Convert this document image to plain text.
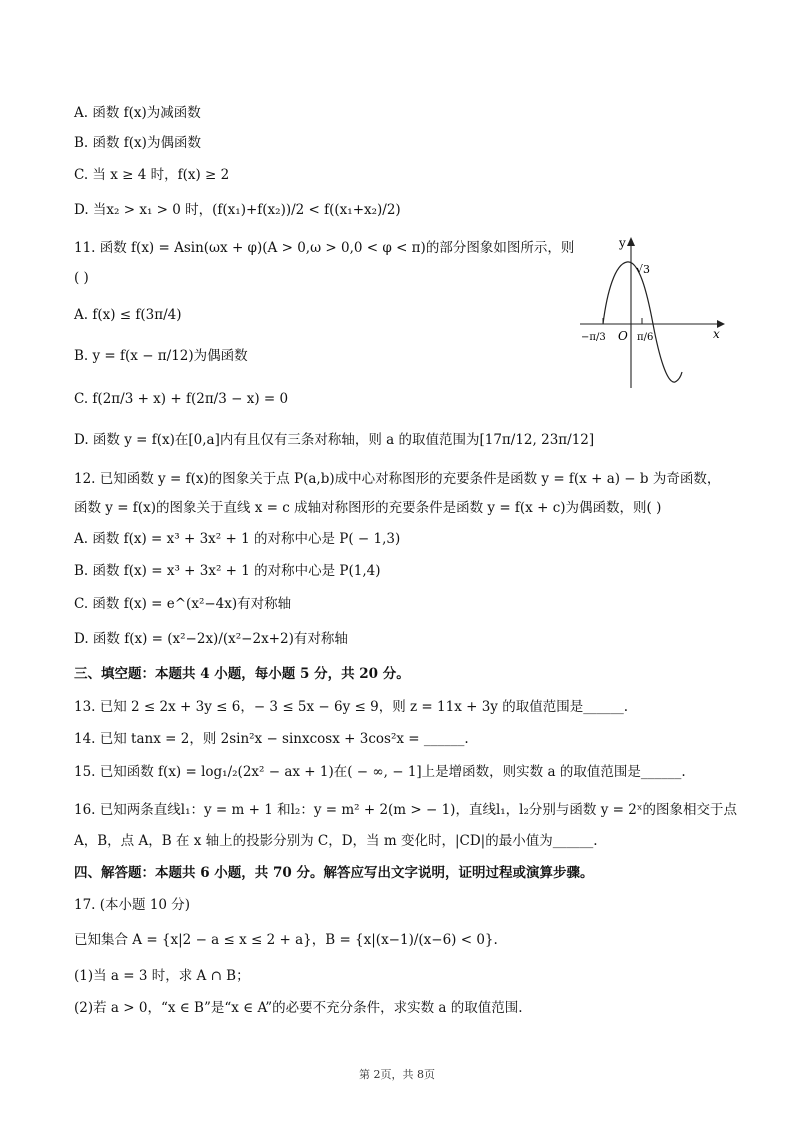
A. 函数 f(x)为减函数
B. 函数 f(x)为偶函数
C. 当 x ≥ 4 时，f(x) ≥ 2
D. 当x₂ > x₁ > 0 时，(f(x₁)+f(x₂))/2 < f((x₁+x₂)/2)
11. 函数 f(x) = Asin(ωx + φ)(A > 0,ω > 0,0 < φ < π)的部分图象如图所示，则
( )
A. f(x) ≤ f(3π/4)
B. y = f(x − π/12)为偶函数
C. f(2π/3 + x) + f(2π/3 − x) = 0
D. 函数 y = f(x)在[0,a]内有且仅有三条对称轴，则 a 的取值范围为[17π/12, 23π/12]
y
x
O
√3
−π/3	π/6
12. 已知函数 y = f(x)的图象关于点 P(a,b)成中心对称图形的充要条件是函数 y = f(x + a) − b 为奇函数，
函数 y = f(x)的图象关于直线 x = c 成轴对称图形的充要条件是函数 y = f(x + c)为偶函数，则( )
A. 函数 f(x) = x³ + 3x² + 1 的对称中心是 P( − 1,3)
B. 函数 f(x) = x³ + 3x² + 1 的对称中心是 P(1,4)
C. 函数 f(x) = e^(x²−4x)有对称轴
D. 函数 f(x) = (x²−2x)/(x²−2x+2)有对称轴
三、填空题：本题共 4 小题，每小题 5 分，共 20 分。
13. 已知 2 ≤ 2x + 3y ≤ 6，− 3 ≤ 5x − 6y ≤ 9，则 z = 11x + 3y 的取值范围是______.
14. 已知 tanx = 2，则 2sin²x − sinxcosx + 3cos²x = ______.
15. 已知函数 f(x) = log₁/₂(2x² − ax + 1)在( − ∞, − 1]上是增函数，则实数 a 的取值范围是______.
16. 已知两条直线l₁：y = m + 1 和l₂：y = m² + 2(m > − 1)，直线l₁，l₂分别与函数 y = 2ˣ的图象相交于点
A，B，点 A，B 在 x 轴上的投影分别为 C，D，当 m 变化时，|CD|的最小值为______.
四、解答题：本题共 6 小题，共 70 分。解答应写出文字说明，证明过程或演算步骤。
17. (本小题 10 分)
已知集合 A = {x|2 − a ≤ x ≤ 2 + a}，B = {x|(x−1)/(x−6) < 0}.
(1)当 a = 3 时，求 A ∩ B；
(2)若 a > 0，“x ∈ B”是“x ∈ A”的必要不充分条件，求实数 a 的取值范围.
第 2页，共 8页
